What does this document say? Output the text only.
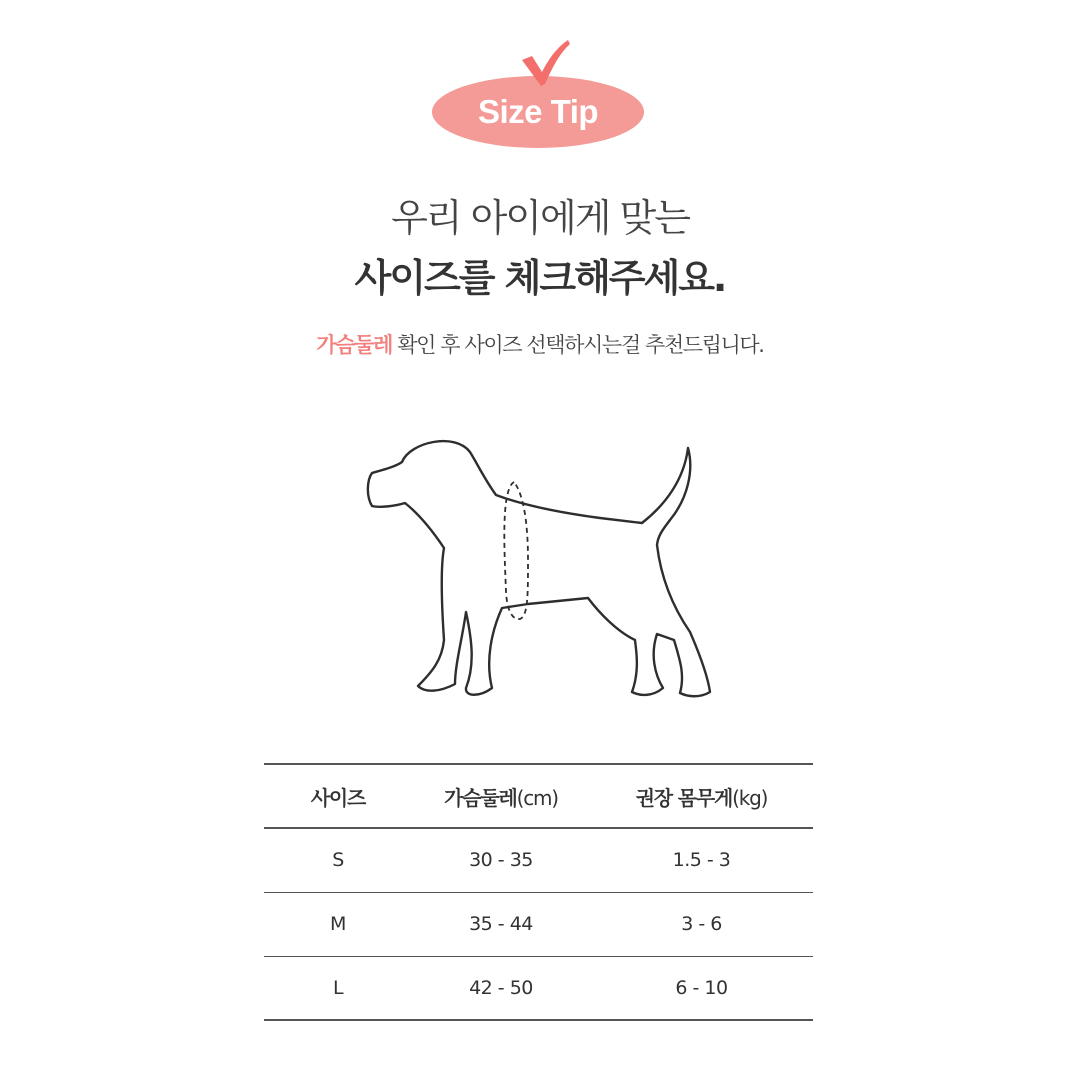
Size Tip
우리 아이에게 맞는
사이즈를 체크해주세요.
가슴둘레 확인 후 사이즈 선택하시는걸 추천드립니다.
사이즈	가슴둘레(cm)	권장 몸무게(kg)
S	30 - 35	1.5 - 3
M	35 - 44	3 - 6
L	42 - 50	6 - 10
